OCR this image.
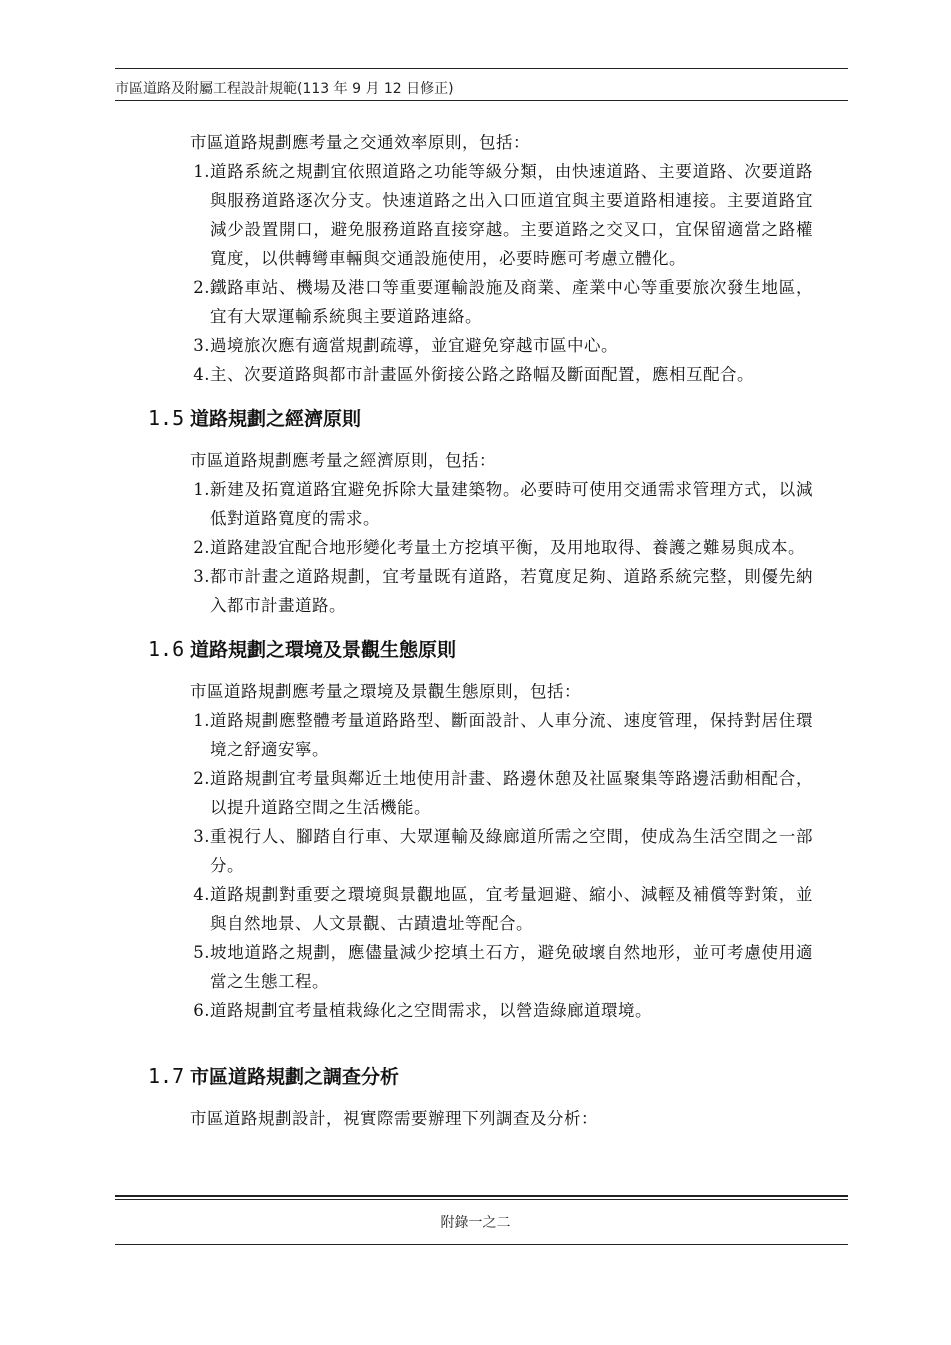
市區道路及附屬工程設計規範(113 年 9 月 12 日修正)
市區道路規劃應考量之交通效率原則，包括：
1. 道路系統之規劃宜依照道路之功能等級分類，由快速道路、主要道路、次要道路與服務道路逐次分支。快速道路之出入口匝道宜與主要道路相連接。主要道路宜減少設置開口，避免服務道路直接穿越。主要道路之交叉口，宜保留適當之路權寬度，以供轉彎車輛與交通設施使用，必要時應可考慮立體化。
2. 鐵路車站、機場及港口等重要運輸設施及商業、產業中心等重要旅次發生地區，宜有大眾運輸系統與主要道路連絡。
3. 過境旅次應有適當規劃疏導，並宜避免穿越市區中心。
4. 主、次要道路與都市計畫區外銜接公路之路幅及斷面配置，應相互配合。
1.5 道路規劃之經濟原則
市區道路規劃應考量之經濟原則，包括：
1. 新建及拓寬道路宜避免拆除大量建築物。必要時可使用交通需求管理方式，以減低對道路寬度的需求。
2. 道路建設宜配合地形變化考量土方挖填平衡，及用地取得、養護之難易與成本。
3. 都市計畫之道路規劃，宜考量既有道路，若寬度足夠、道路系統完整，則優先納入都市計畫道路。
1.6 道路規劃之環境及景觀生態原則
市區道路規劃應考量之環境及景觀生態原則，包括：
1. 道路規劃應整體考量道路路型、斷面設計、人車分流、速度管理，保持對居住環境之舒適安寧。
2. 道路規劃宜考量與鄰近土地使用計畫、路邊休憩及社區聚集等路邊活動相配合，以提升道路空間之生活機能。
3. 重視行人、腳踏自行車、大眾運輸及綠廊道所需之空間，使成為生活空間之一部分。
4. 道路規劃對重要之環境與景觀地區，宜考量迴避、縮小、減輕及補償等對策，並與自然地景、人文景觀、古蹟遺址等配合。
5. 坡地道路之規劃，應儘量減少挖填土石方，避免破壞自然地形，並可考慮使用適當之生態工程。
6. 道路規劃宜考量植栽綠化之空間需求，以營造綠廊道環境。
1.7 市區道路規劃之調查分析
市區道路規劃設計，視實際需要辦理下列調查及分析：
附錄一之二
